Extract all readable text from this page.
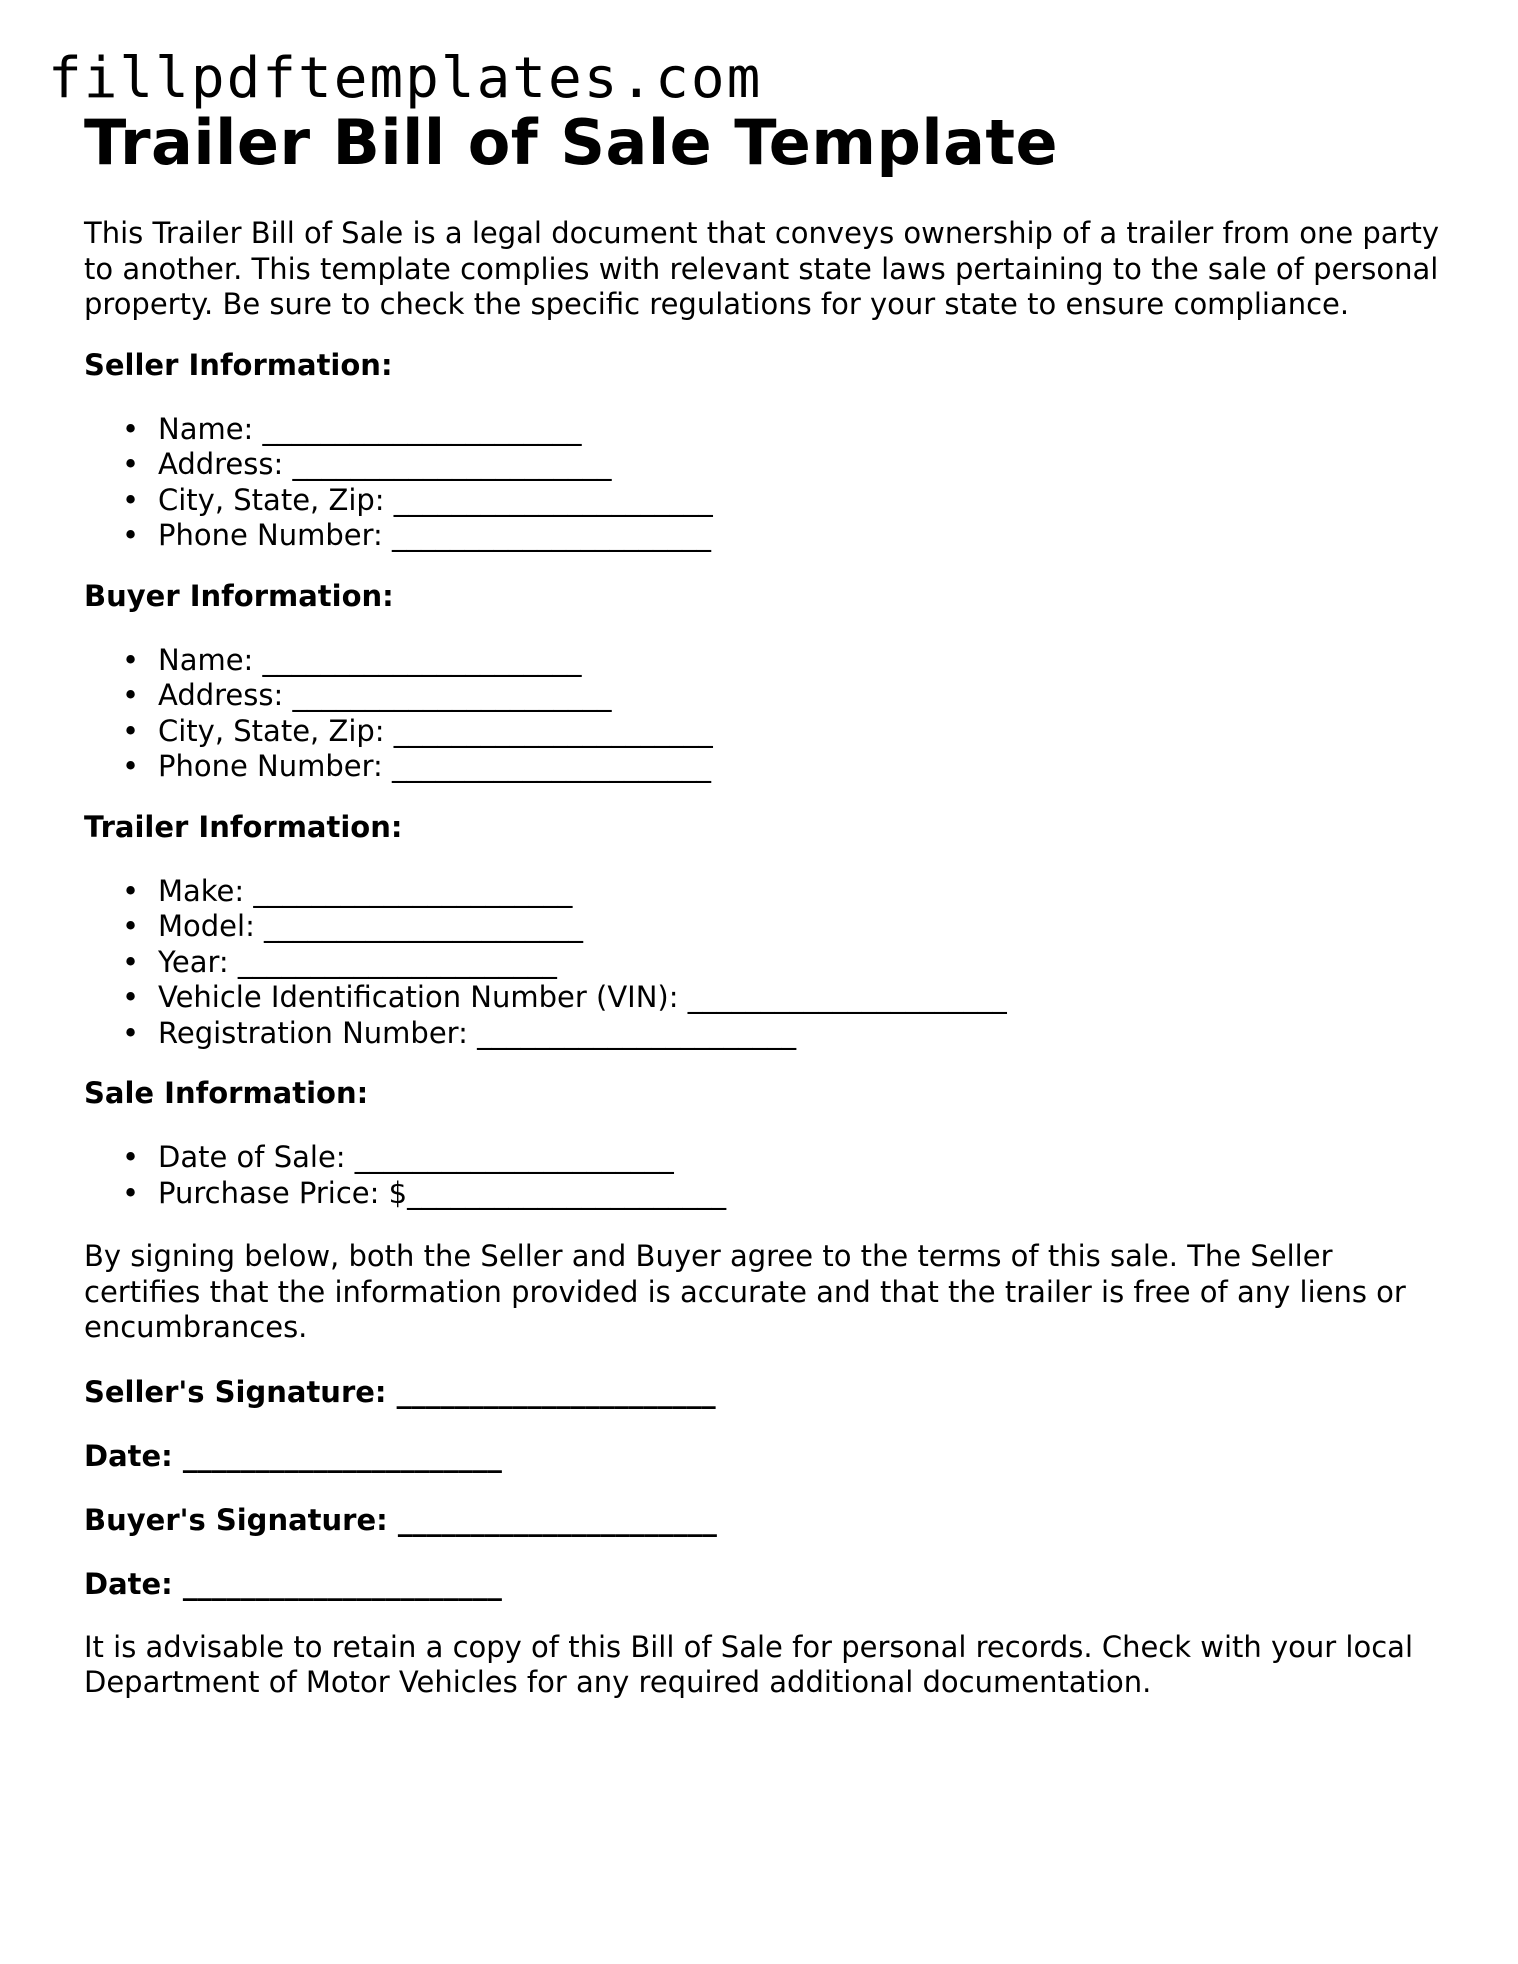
fillpdftemplates.com
Trailer Bill of Sale Template

This Trailer Bill of Sale is a legal document that conveys ownership of a trailer from one party to another. This template complies with relevant state laws pertaining to the sale of personal property. Be sure to check the specific regulations for your state to ensure compliance.

Seller Information:
• Name: ______________________
• Address: ______________________
• City, State, Zip: ______________________
• Phone Number: ______________________
Buyer Information:
• Name: ______________________
• Address: ______________________
• City, State, Zip: ______________________
• Phone Number: ______________________
Trailer Information:
• Make: ______________________
• Model: ______________________
• Year: ______________________
• Vehicle Identification Number (VIN): ______________________
• Registration Number: ______________________
Sale Information:
• Date of Sale: ______________________
• Purchase Price: $______________________

By signing below, both the Seller and Buyer agree to the terms of this sale. The Seller certifies that the information provided is accurate and that the trailer is free of any liens or encumbrances.

Seller's Signature: ______________________
Date: ______________________
Buyer's Signature: ______________________
Date: ______________________

It is advisable to retain a copy of this Bill of Sale for personal records. Check with your local Department of Motor Vehicles for any required additional documentation.
